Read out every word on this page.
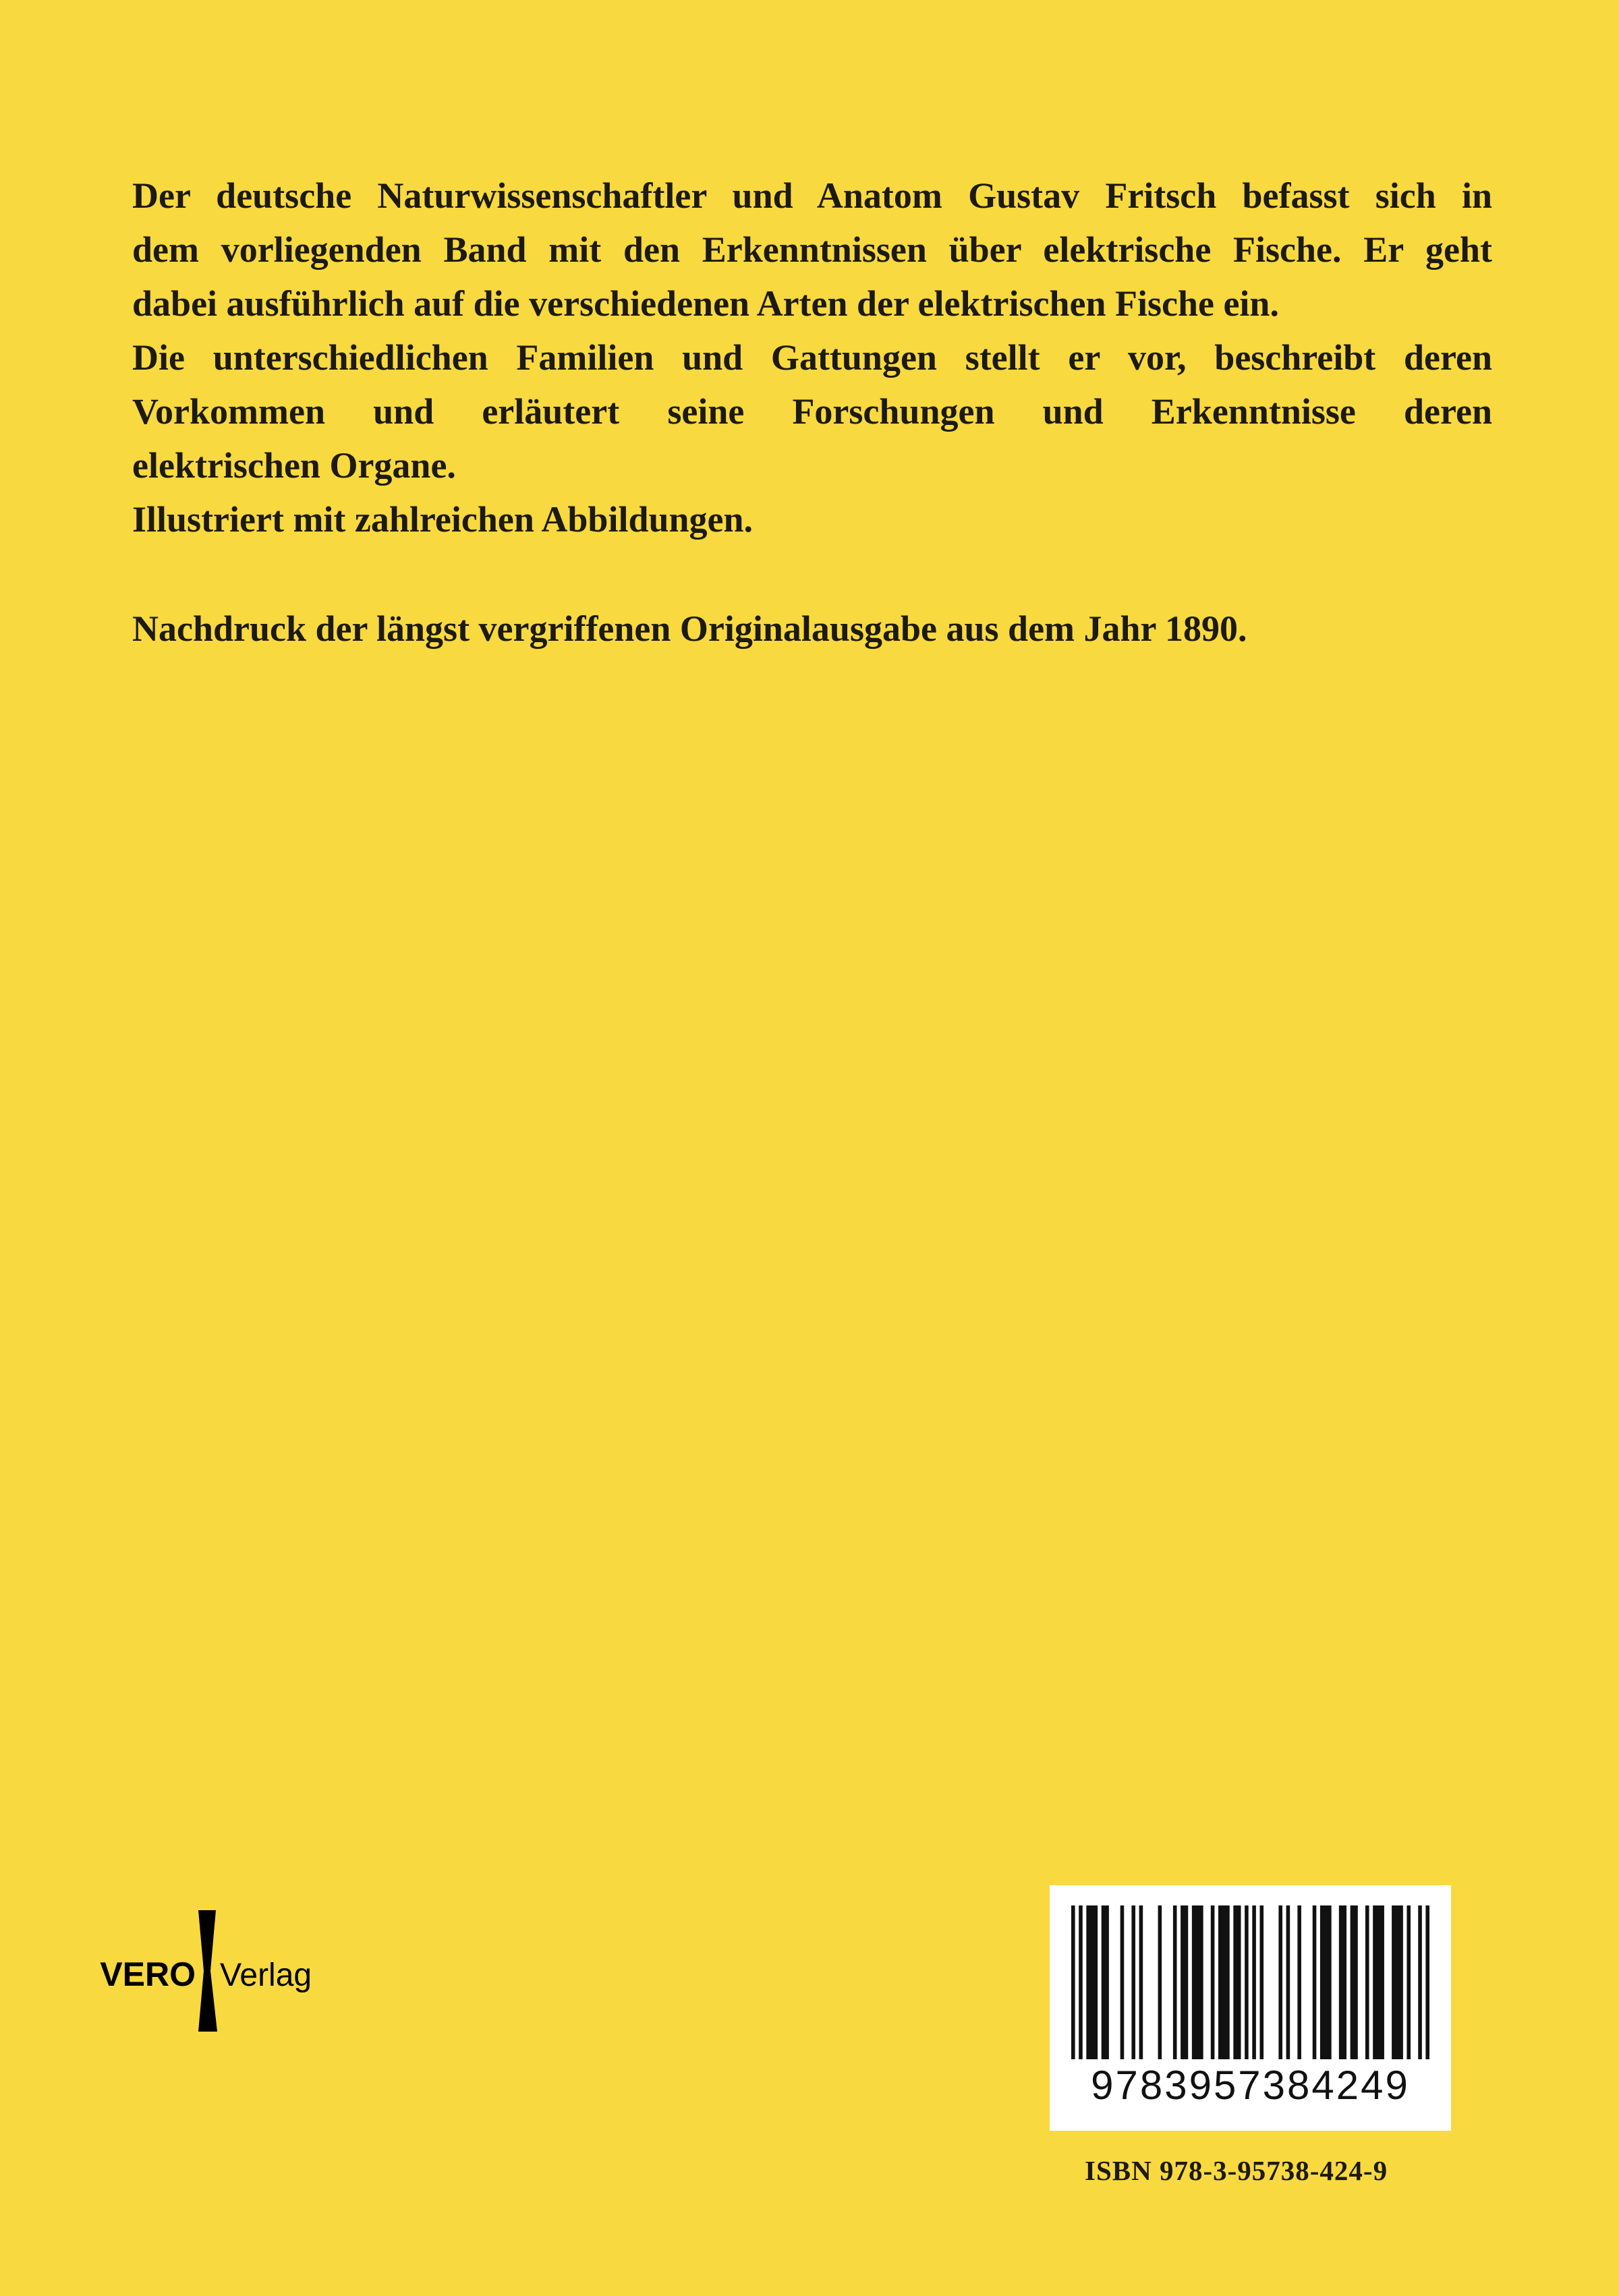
Der deutsche Naturwissenschaftler und Anatom Gustav Fritsch befasst sich in
dem vorliegenden Band mit den Erkenntnissen über elektrische Fische. Er geht
dabei ausführlich auf die verschiedenen Arten der elektrischen Fische ein.

Die unterschiedlichen Familien und Gattungen stellt er vor, beschreibt deren
Vorkommen und erläutert seine Forschungen und Erkenntnisse deren
elektrischen Organe.
Illustriert mit zahlreichen Abbildungen.

Nachdruck der längst vergriffenen Originalausgabe aus dem Jahr 1890.

VERO Verlag
9783957384249
ISBN 978-3-95738-424-9
